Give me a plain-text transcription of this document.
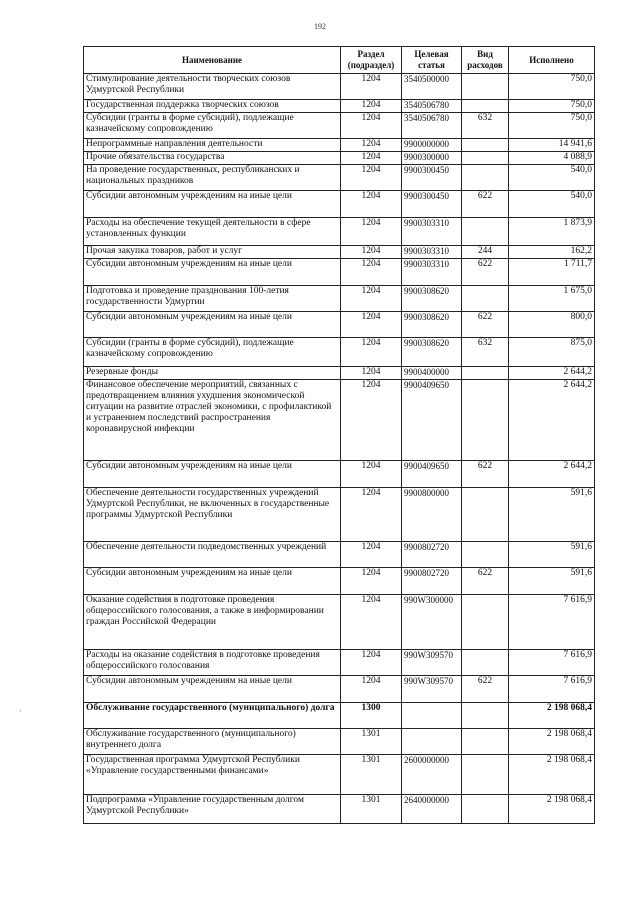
192
Наименование	Раздел (подраздел)	Целевая статья	Вид расходов	Исполнено
Стимулирование деятельности творческих союзов Удмуртской Республики	1204	3540500000		750,0
Государственная поддержка творческих союзов	1204	3540506780		750,0
Субсидии (гранты в форме субсидий), подлежащие казначейскому сопровождению	1204	3540506780	632	750,0
Непрограммные направления деятельности	1204	9900000000		14 941,6
Прочие обязательства государства	1204	9900300000		4 088,9
На проведение государственных, республиканских и национальных праздников	1204	9900300450		540,0
Субсидии автономным учреждениям на иные цели	1204	9900300450	622	540,0
Расходы на обеспечение текущей деятельности в сфере установленных функции	1204	9900303310		1 873,9
Прочая закупка товаров, работ и услуг	1204	9900303310	244	162,2
Субсидии автономным учреждениям на иные цели	1204	9900303310	622	1 711,7
Подготовка и проведение празднования 100-летия государственности Удмуртии	1204	9900308620		1 675,0
Субсидии автономным учреждениям на иные цели	1204	9900308620	622	800,0
Субсидии (гранты в форме субсидий), подлежащие казначейскому сопровождению	1204	9900308620	632	875,0
Резервные фонды	1204	9900400000		2 644,2
Финансовое обеспечение мероприятий, связанных с предотвращением влияния ухудшения экономической ситуации на развитие отраслей экономики, с профилактикой и устранением последствий распространения коронавирусной инфекции	1204	9900409650		2 644,2
Субсидии автономным учреждениям на иные цели	1204	9900409650	622	2 644,2
Обеспечение деятельности государственных учреждений Удмуртской Республики, не включенных в государственные программы Удмуртской Республики	1204	9900800000		591,6
Обеспечение деятельности подведомственных учреждений	1204	9900802720		591,6
Субсидии автономным учреждениям на иные цели	1204	9900802720	622	591,6
Оказание содействия в подготовке проведения общероссийского голосования, а также в информировании граждан Российской Федерации	1204	990W300000		7 616,9
Расходы на оказание содействия в подготовке проведения общероссийского голосования	1204	990W309570		7 616,9
Субсидии автономным учреждениям на иные цели	1204	990W309570	622	7 616,9
Обслуживание государственного (муниципального) долга	1300			2 198 068,4
Обслуживание государственного (муниципального) внутреннего долга	1301			2 198 068,4
Государственная программа Удмуртской Республики «Управление государственными финансами»	1301	2600000000		2 198 068,4
Подпрограмма «Управление государственным долгом Удмуртской Республики»	1301	2640000000		2 198 068,4
·
